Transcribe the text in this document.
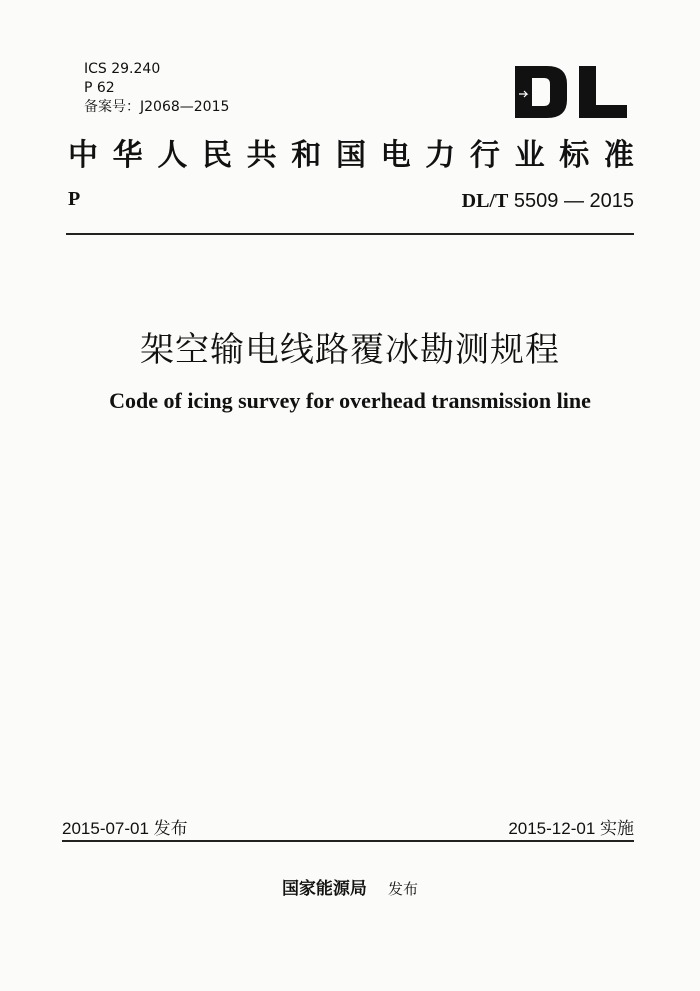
ICS 29.240
P 62
备案号：J2068—2015
中 华 人 民 共 和 国 电 力 行 业 标 准
P	DL/T 5509 — 2015
架空输电线路覆冰勘测规程
Code of icing survey for overhead transmission line
2015-07-01 发布	2015-12-01 实施
国家能源局 发布
